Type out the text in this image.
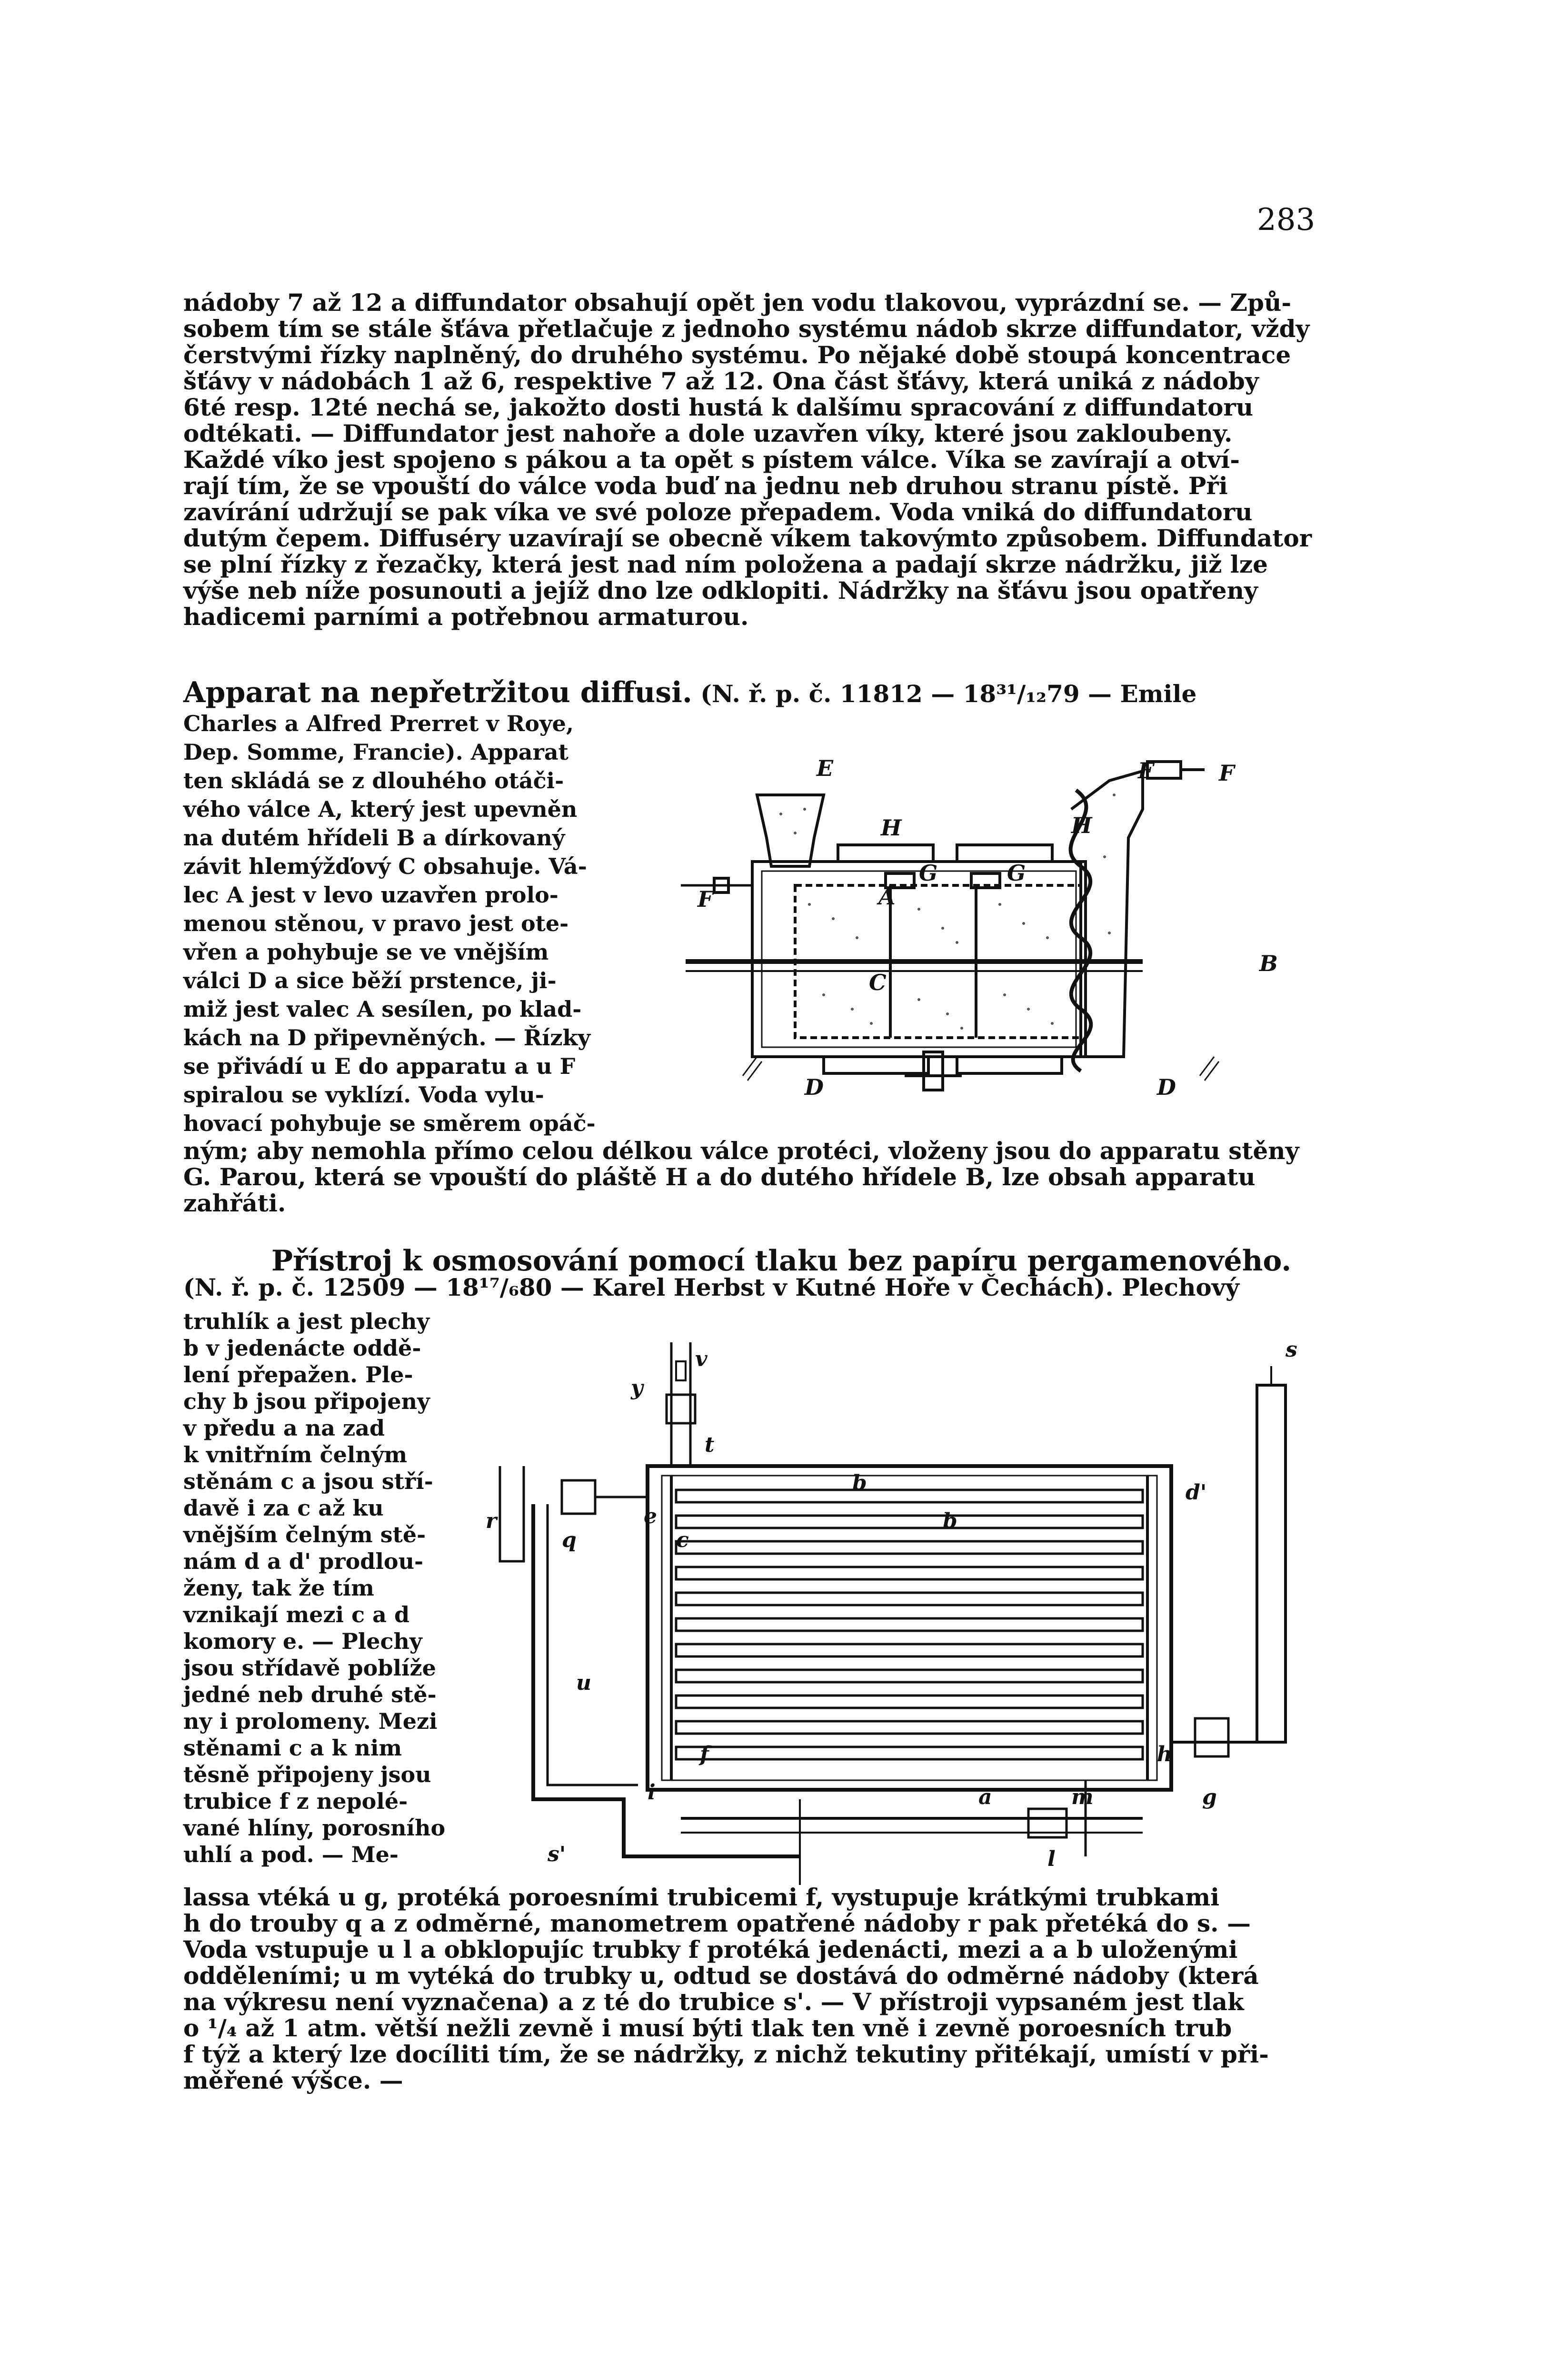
283
nádoby 7 až 12 a diffundator obsahují opět jen vodu tlakovou, vyprázdní se. — Způ-
sobem tím se stále šťáva přetlačuje z jednoho systému nádob skrze diffundator, vždy
čerstvými řízky naplněný, do druhého systému. Po nějaké době stoupá koncentrace
šťávy v nádobách 1 až 6, respektive 7 až 12. Ona část šťávy, která uniká z nádoby
6té resp. 12té nechá se, jakožto dosti hustá k dalšímu spracování z diffundatoru
odtékati. — Diffundator jest nahoře a dole uzavřen víky, které jsou zakloubeny.
Každé víko jest spojeno s pákou a ta opět s pístem válce. Víka se zavírají a otví-
rají tím, že se vpouští do válce voda buď na jednu neb druhou stranu pístě. Při
zavírání udržují se pak víka ve své poloze přepadem. Voda vniká do diffundatoru
dutým čepem. Diffuséry uzavírají se obecně víkem takovýmto způsobem. Diffundator
se plní řízky z řezačky, která jest nad ním položena a padají skrze nádržku, již lze
výše neb níže posunouti a jejíž dno lze odklopiti. Nádržky na šťávu jsou opatřeny
hadicemi parními a potřebnou armaturou.
Apparat na nepřetržitou diffusi. (N. ř. p. č. 11812 — 18³¹/₁₂79 — Emile
Charles a Alfred Prerret v Roye,
Dep. Somme, Francie). Apparat
ten skládá se z dlouhého otáči-
vého válce A, který jest upevněn
na dutém hřídeli B a dírkovaný
závit hlemýžďový C obsahuje. Vá-
lec A jest v levo uzavřen prolo-
menou stěnou, v pravo jest ote-
vřen a pohybuje se ve vnějším
válci D a sice běží prstence, ji-
miž jest valec A sesílen, po klad-
kách na D připevněných. — Řízky
se přivádí u E do apparatu a u F
spiralou se vyklízí. Voda vylu-
hovací pohybuje se směrem opáč-
E	F
F
H	H
A
C
G	G
B
D	D
F
ným; aby nemohla přímo celou délkou válce protéci, vloženy jsou do apparatu stěny
G. Parou, která se vpouští do pláště H a do dutého hřídele B, lze obsah apparatu
zahřáti.
Přístroj k osmosování pomocí tlaku bez papíru pergamenového.
(N. ř. p. č. 12509 — 18¹⁷/₆80 — Karel Herbst v Kutné Hoře v Čechách). Plechový
truhlík a jest plechy
b v jedenácte oddě-
lení přepažen. Ple-
chy b jsou připojeny
v předu a na zad
k vnitřním čelným
stěnám c a jsou stří-
davě i za c až ku
vnějším čelným stě-
nám d a d' prodlou-
ženy, tak že tím
vznikají mezi c a d
komory e. — Plechy
jsou střídavě poblíže
jedné neb druhé stě-
ny i prolomeny. Mezi
stěnami c a k nim
těsně připojeny jsou
trubice f z nepolé-
vané hlíny, porosního
uhlí a pod. — Me-
y
v
t
r
q
e
c
d'
b
b
u
f
a	m
l
g
s'
h
i
s
lassa vtéká u g, protéká poroesními trubicemi f, vystupuje krátkými trubkami
h do trouby q a z odměrné, manometrem opatřené nádoby r pak přetéká do s. —
Voda vstupuje u l a obklopujíc trubky f protéká jedenácti, mezi a a b uloženými
odděleními; u m vytéká do trubky u, odtud se dostává do odměrné nádoby (která
na výkresu není vyznačena) a z té do trubice s'. — V přístroji vypsaném jest tlak
o ¹/₄ až 1 atm. větší nežli zevně i musí býti tlak ten vně i zevně poroesních trub
f týž a který lze docíliti tím, že se nádržky, z nichž tekutiny přitékají, umístí v při-
měřené výšce. —
